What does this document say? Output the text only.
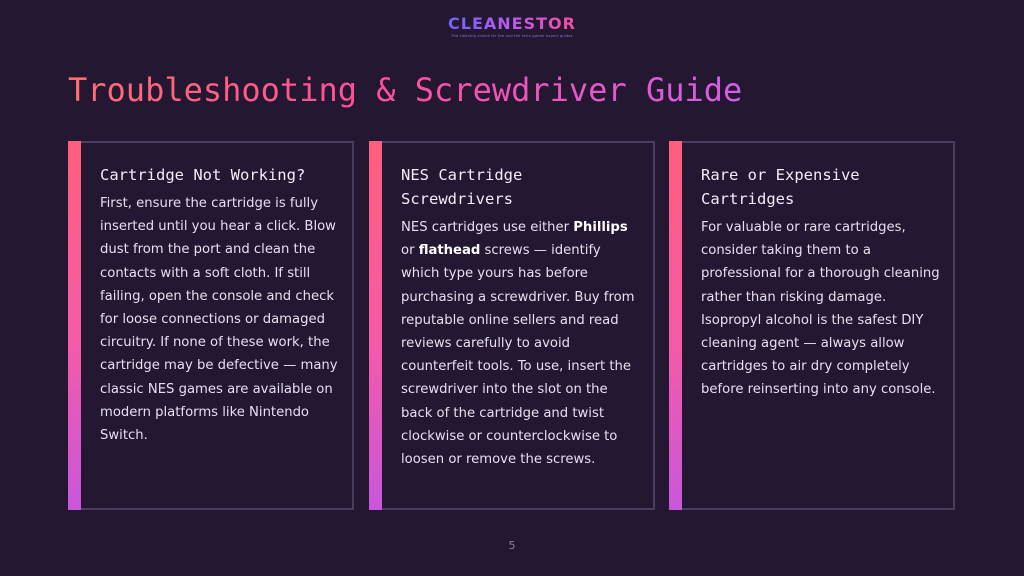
CLEANESTOR
The cleaning choice for the and the retro gamer expert guides
Troubleshooting & Screwdriver Guide
Cartridge Not Working?

First, ensure the cartridge is fully inserted until you hear a click. Blow dust from the port and clean the contacts with a soft cloth. If still failing, open the console and check for loose connections or damaged circuitry. If none of these work, the cartridge may be defective — many classic NES games are available on modern platforms like Nintendo Switch.

NES Cartridge Screwdrivers

NES cartridges use either Phillips or flathead screws — identify which type yours has before purchasing a screwdriver. Buy from reputable online sellers and read reviews carefully to avoid counterfeit tools. To use, insert the screwdriver into the slot on the back of the cartridge and twist clockwise or counterclockwise to loosen or remove the screws.

Rare or Expensive Cartridges

For valuable or rare cartridges, consider taking them to a professional for a thorough cleaning rather than risking damage. Isopropyl alcohol is the safest DIY cleaning agent — always allow cartridges to air dry completely before reinserting into any console.

5
